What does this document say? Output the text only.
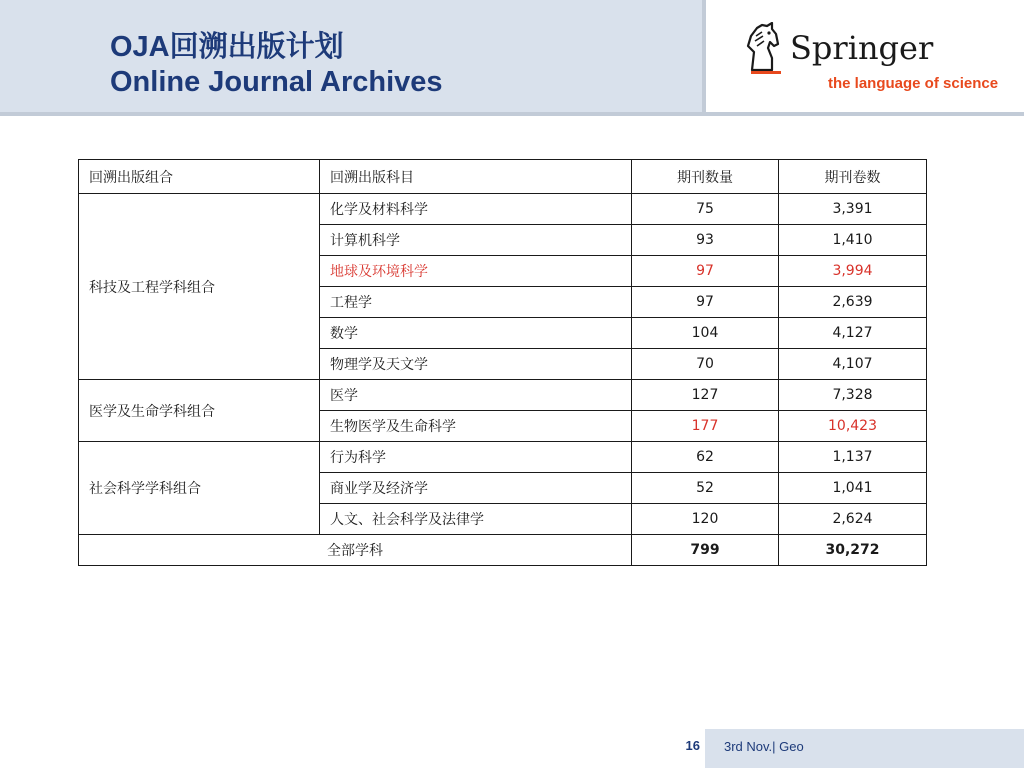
OJA回溯出版计划
Online Journal Archives
Springer
the language of science
回溯出版组合	回溯出版科目	期刊数量	期刊卷数
科技及工程学科组合	化学及材料科学	75	3,391
	计算机科学	93	1,410
	地球及环境科学	97	3,994
	工程学	97	2,639
	数学	104	4,127
	物理学及天文学	70	4,107
医学及生命学科组合	医学	127	7,328
	生物医学及生命科学	177	10,423
社会科学学科组合	行为科学	62	1,137
	商业学及经济学	52	1,041
	人文、社会科学及法律学	120	2,624
全部学科		799	30,272
16 3rd Nov.| Geo
